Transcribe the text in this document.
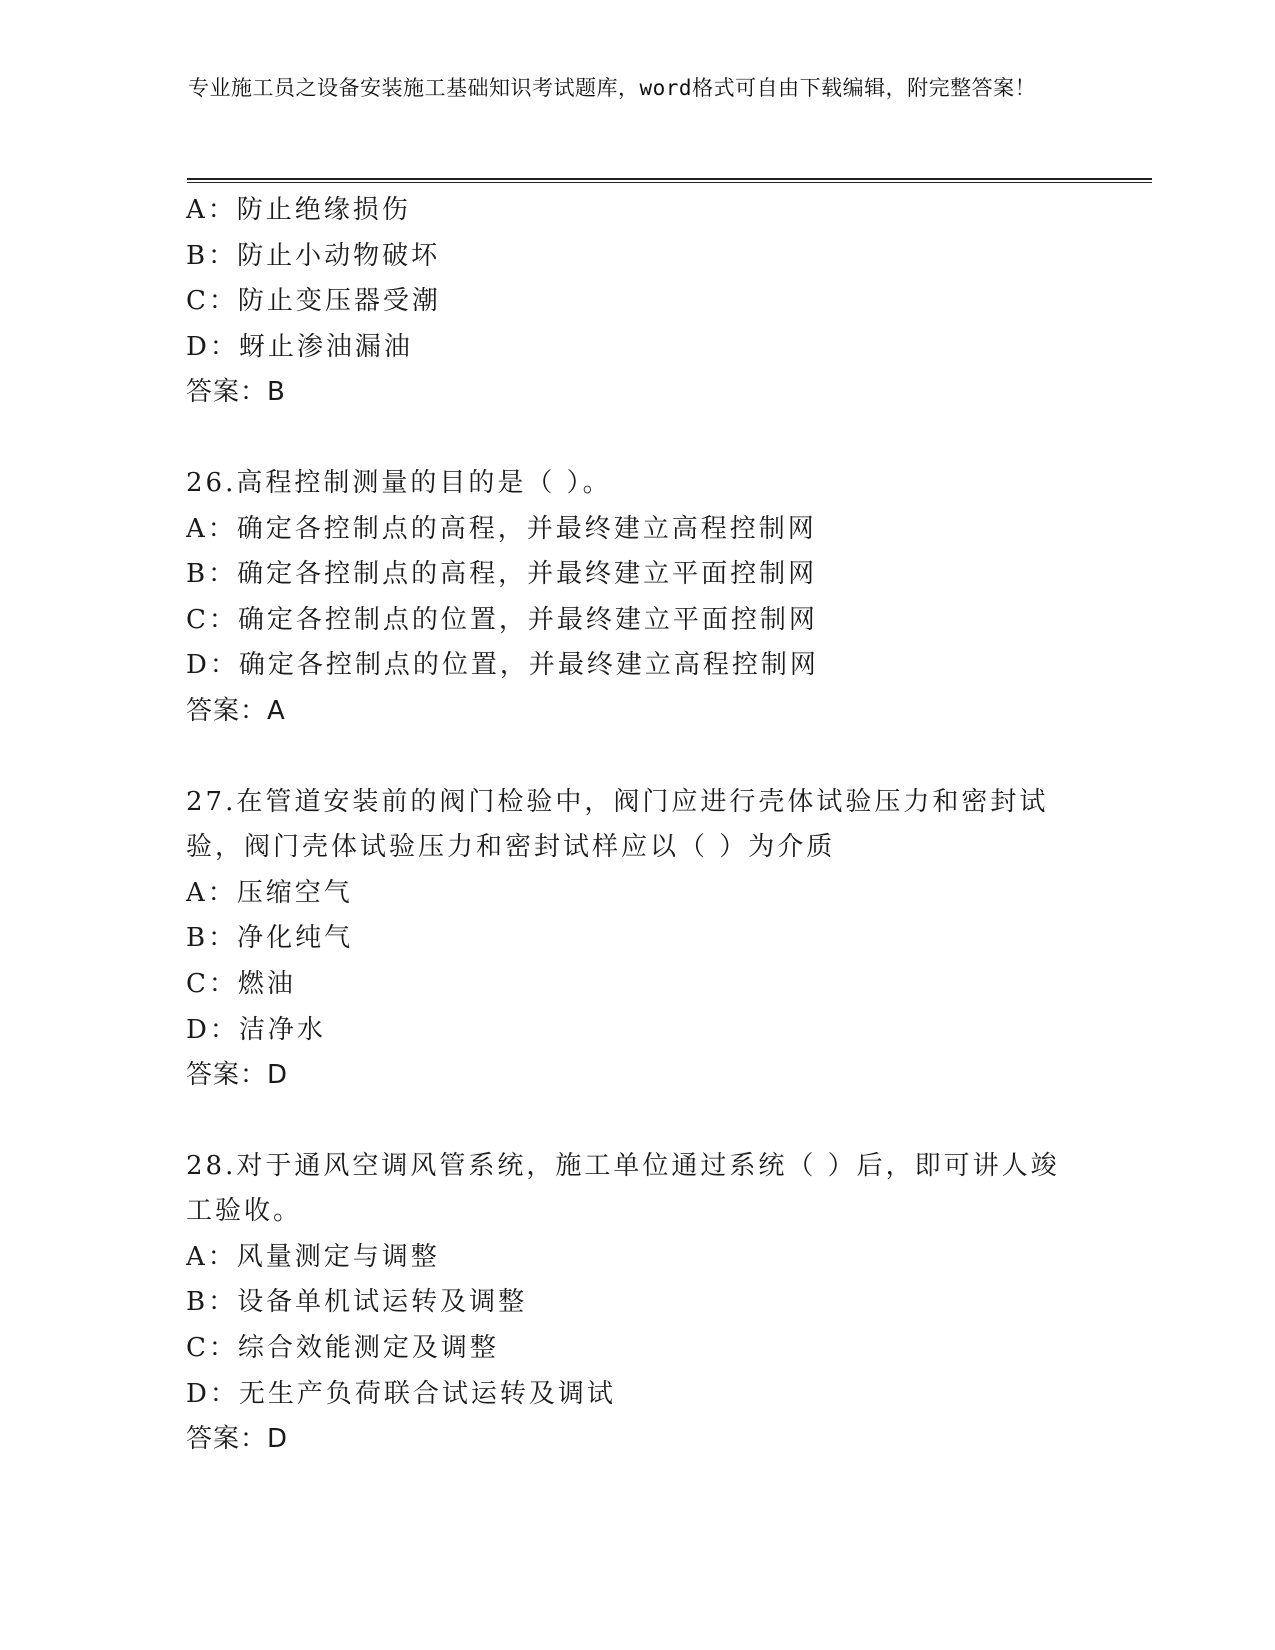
专业施工员之设备安装施工基础知识考试题库，word格式可自由下载编辑，附完整答案！
A：防止绝缘损伤
B：防止小动物破坏
C：防止变压器受潮
D：蚜止渗油漏油
答案：B
26.高程控制测量的目的是（ ）。
A：确定各控制点的高程，并最终建立高程控制网
B：确定各控制点的高程，并最终建立平面控制网
C：确定各控制点的位置，并最终建立平面控制网
D：确定各控制点的位置，并最终建立高程控制网
答案：A
27.在管道安装前的阀门检验中，阀门应进行壳体试验压力和密封试验，阀门壳体试验压力和密封试样应以（ ）为介质
A：压缩空气
B：净化纯气
C：燃油
D：洁净水
答案：D
28.对于通风空调风管系统，施工单位通过系统（ ）后，即可讲人竣工验收。
A：风量测定与调整
B：设备单机试运转及调整
C：综合效能测定及调整
D：无生产负荷联合试运转及调试
答案：D
